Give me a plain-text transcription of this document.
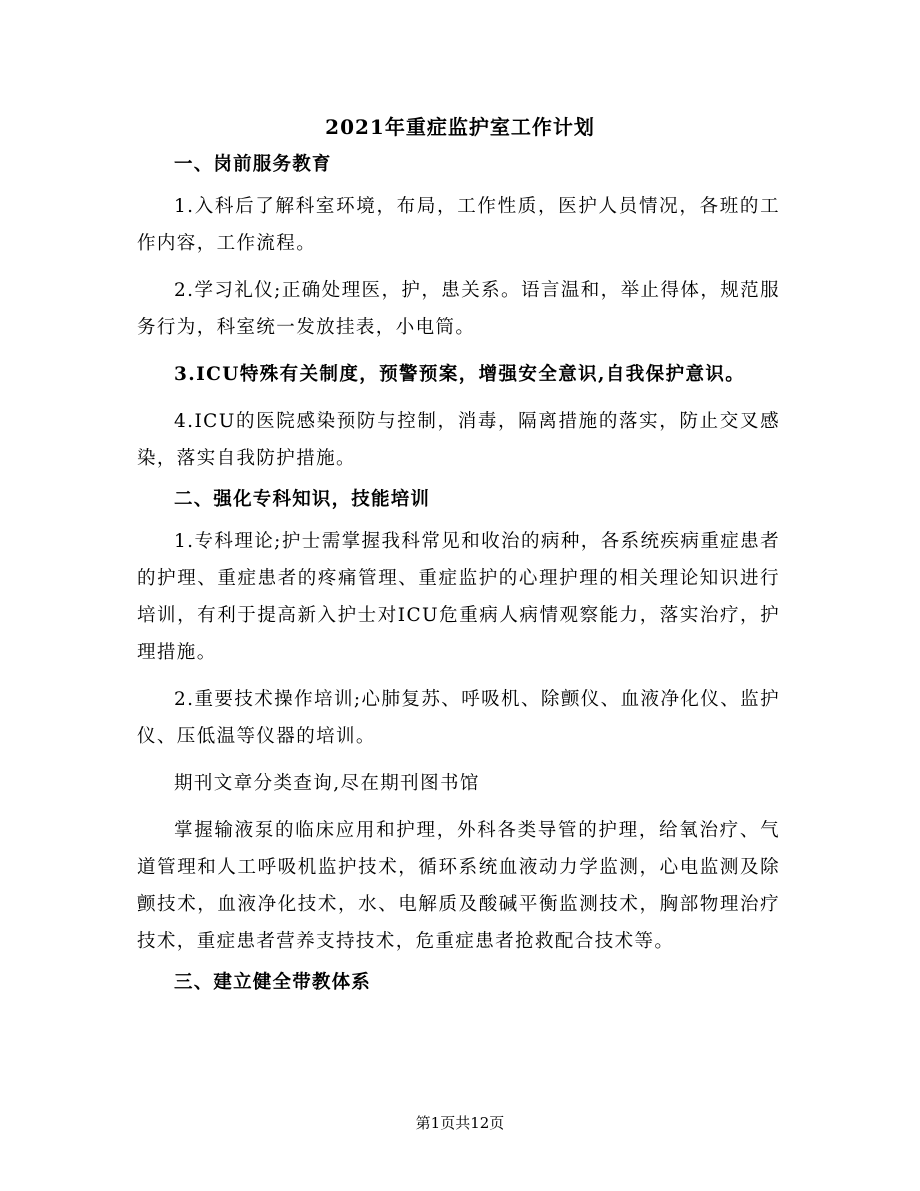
2021年重症监护室工作计划
一、岗前服务教育

1.入科后了解科室环境，布局，工作性质，医护人员情况，各班的工作内容，工作流程。

2.学习礼仪;正确处理医，护，患关系。语言温和，举止得体，规范服务行为，科室统一发放挂表，小电筒。

3.ICU特殊有关制度，预警预案，增强安全意识,自我保护意识。

4.ICU的医院感染预防与控制，消毒，隔离措施的落实，防止交叉感染，落实自我防护措施。

二、强化专科知识，技能培训

1.专科理论;护士需掌握我科常见和收治的病种，各系统疾病重症患者的护理、重症患者的疼痛管理、重症监护的心理护理的相关理论知识进行培训，有利于提高新入护士对ICU危重病人病情观察能力，落实治疗，护理措施。

2.重要技术操作培训;心肺复苏、呼吸机、除颤仪、血液净化仪、监护仪、压低温等仪器的培训。

期刊文章分类查询,尽在期刊图书馆

掌握输液泵的临床应用和护理，外科各类导管的护理，给氧治疗、气道管理和人工呼吸机监护技术，循环系统血液动力学监测，心电监测及除颤技术，血液净化技术，水、电解质及酸碱平衡监测技术，胸部物理治疗技术，重症患者营养支持技术，危重症患者抢救配合技术等。

三、建立健全带教体系
第1页共12页
